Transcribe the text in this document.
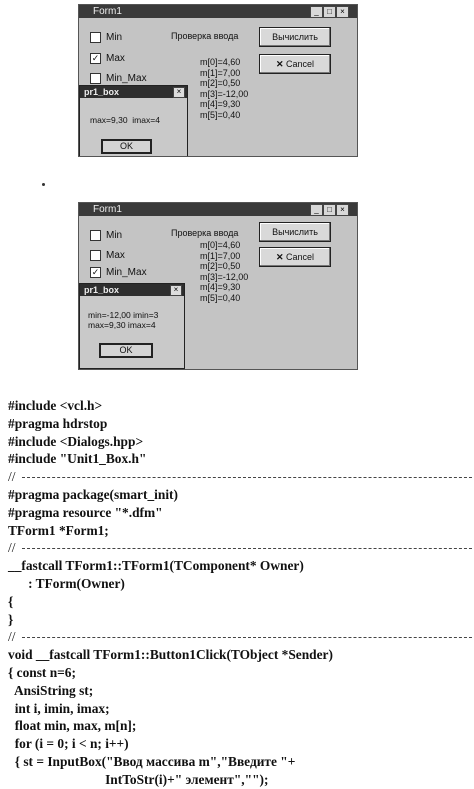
Form1	_	□	×
Min
✓ Max
Min_Max
Проверка ввода
m[0]=4,60
m[1]=7,00
m[2]=0,50
m[3]=-12,00
m[4]=9,30
m[5]=0,40
Вычислить
✕ Cancel
pr1_box	×
max=9,30  imax=4
OK
Form1	_	□	×
Min
Max
✓ Min_Max
Проверка ввода
m[0]=4,60
m[1]=7,00
m[2]=0,50
m[3]=-12,00
m[4]=9,30
m[5]=0,40
Вычислить
✕ Cancel
pr1_box	×
min=-12,00 imin=3
max=9,30 imax=4
OK
#include <vcl.h>
#pragma hdrstop
#include <Dialogs.hpp>
#include "Unit1_Box.h"
//
#pragma package(smart_init)
#pragma resource "*.dfm"
TForm1 *Form1;
//
__fastcall TForm1::TForm1(TComponent* Owner)
: TForm(Owner)
{
}
//
void __fastcall TForm1::Button1Click(TObject *Sender)
{ const n=6;
AnsiString st;
int i, imin, imax;
float min, max, m[n];
for (i = 0; i < n; i++)
{ st = InputBox("Ввод массива m","Введите "+
IntToStr(i)+" элемент","");
